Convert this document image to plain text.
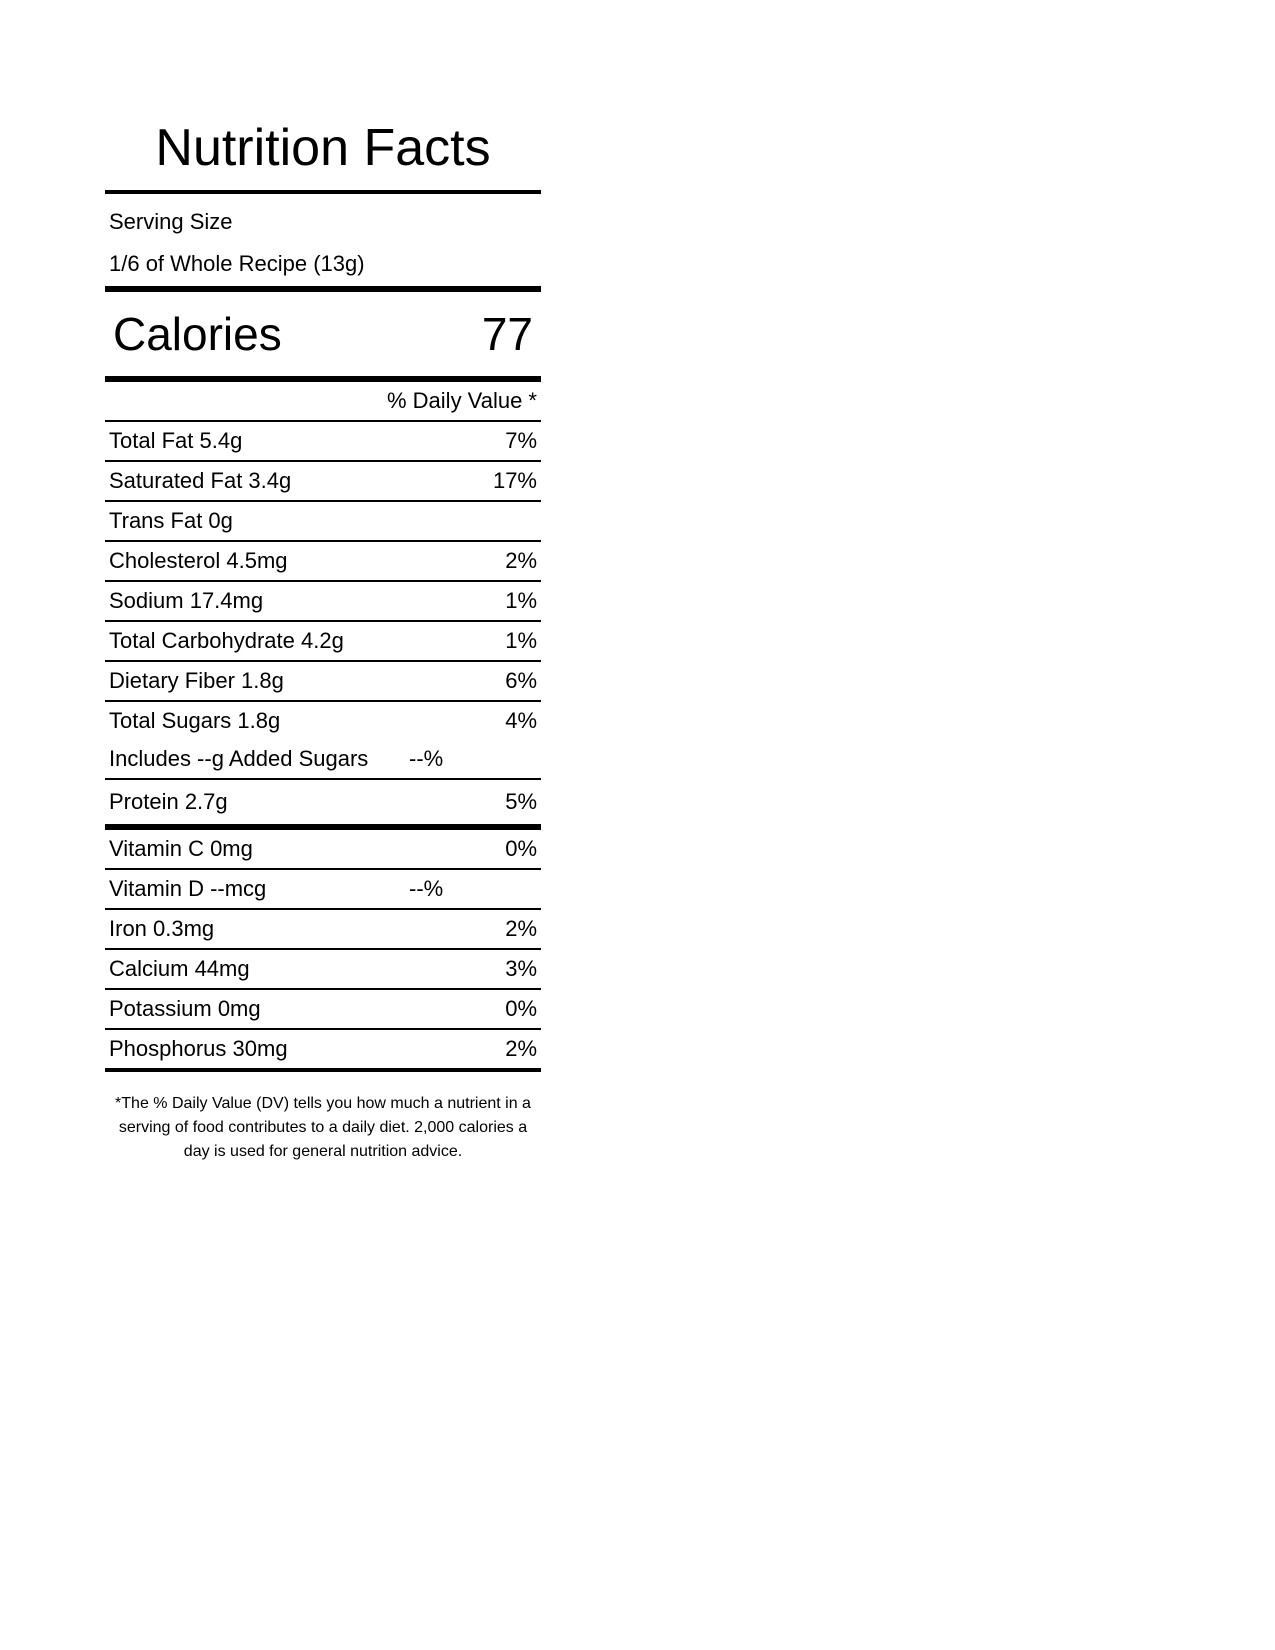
Nutrition Facts
Serving Size
1/6 of Whole Recipe (13g)
Calories	77
% Daily Value *
Total Fat 5.4g	7%
Saturated Fat 3.4g	17%
Trans Fat 0g
Cholesterol 4.5mg	2%
Sodium 17.4mg	1%
Total Carbohydrate 4.2g	1%
Dietary Fiber 1.8g	6%
Total Sugars 1.8g	4%
Includes --g Added Sugars --%
Protein 2.7g	5%
Vitamin C 0mg	0%
Vitamin D --mcg	--%
Iron 0.3mg	2%
Calcium 44mg	3%
Potassium 0mg	0%
Phosphorus 30mg	2%
*The % Daily Value (DV) tells you how much a nutrient in a serving of food contributes to a daily diet. 2,000 calories a day is used for general nutrition advice.
